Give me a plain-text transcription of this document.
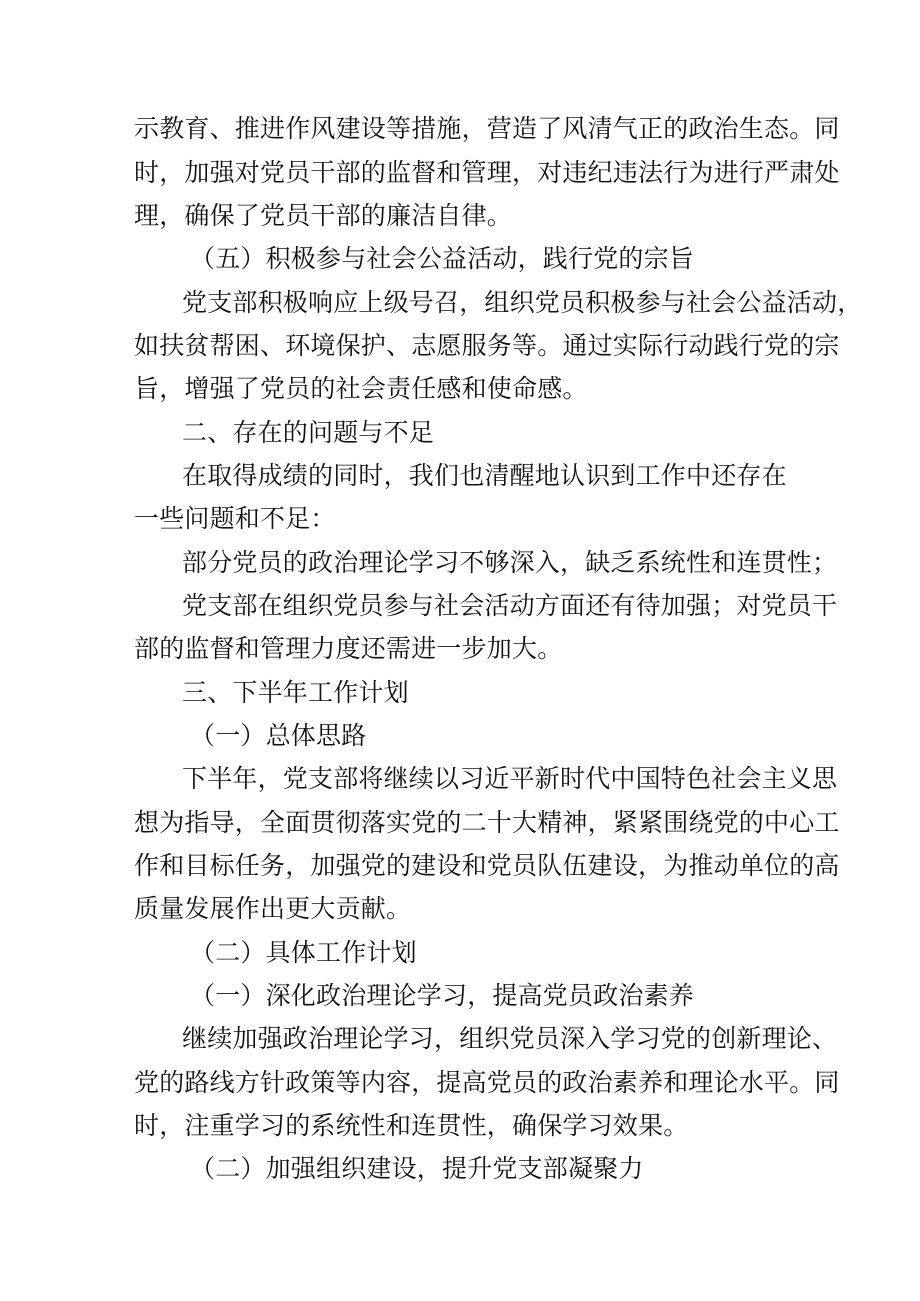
示教育、推进作风建设等措施，营造了风清气正的政治生态。同
时，加强对党员干部的监督和管理，对违纪违法行为进行严肃处
理，确保了党员干部的廉洁自律。
（五）积极参与社会公益活动，践行党的宗旨
党支部积极响应上级号召，组织党员积极参与社会公益活动，
如扶贫帮困、环境保护、志愿服务等。通过实际行动践行党的宗
旨，增强了党员的社会责任感和使命感。
二、存在的问题与不足
在取得成绩的同时，我们也清醒地认识到工作中还存在
一些问题和不足：
部分党员的政治理论学习不够深入，缺乏系统性和连贯性；
党支部在组织党员参与社会活动方面还有待加强；对党员干
部的监督和管理力度还需进一步加大。
三、下半年工作计划
（一）总体思路
下半年，党支部将继续以习近平新时代中国特色社会主义思
想为指导，全面贯彻落实党的二十大精神，紧紧围绕党的中心工
作和目标任务，加强党的建设和党员队伍建设，为推动单位的高
质量发展作出更大贡献。
（二）具体工作计划
（一）深化政治理论学习，提高党员政治素养
继续加强政治理论学习，组织党员深入学习党的创新理论、
党的路线方针政策等内容，提高党员的政治素养和理论水平。同
时，注重学习的系统性和连贯性，确保学习效果。
（二）加强组织建设，提升党支部凝聚力
